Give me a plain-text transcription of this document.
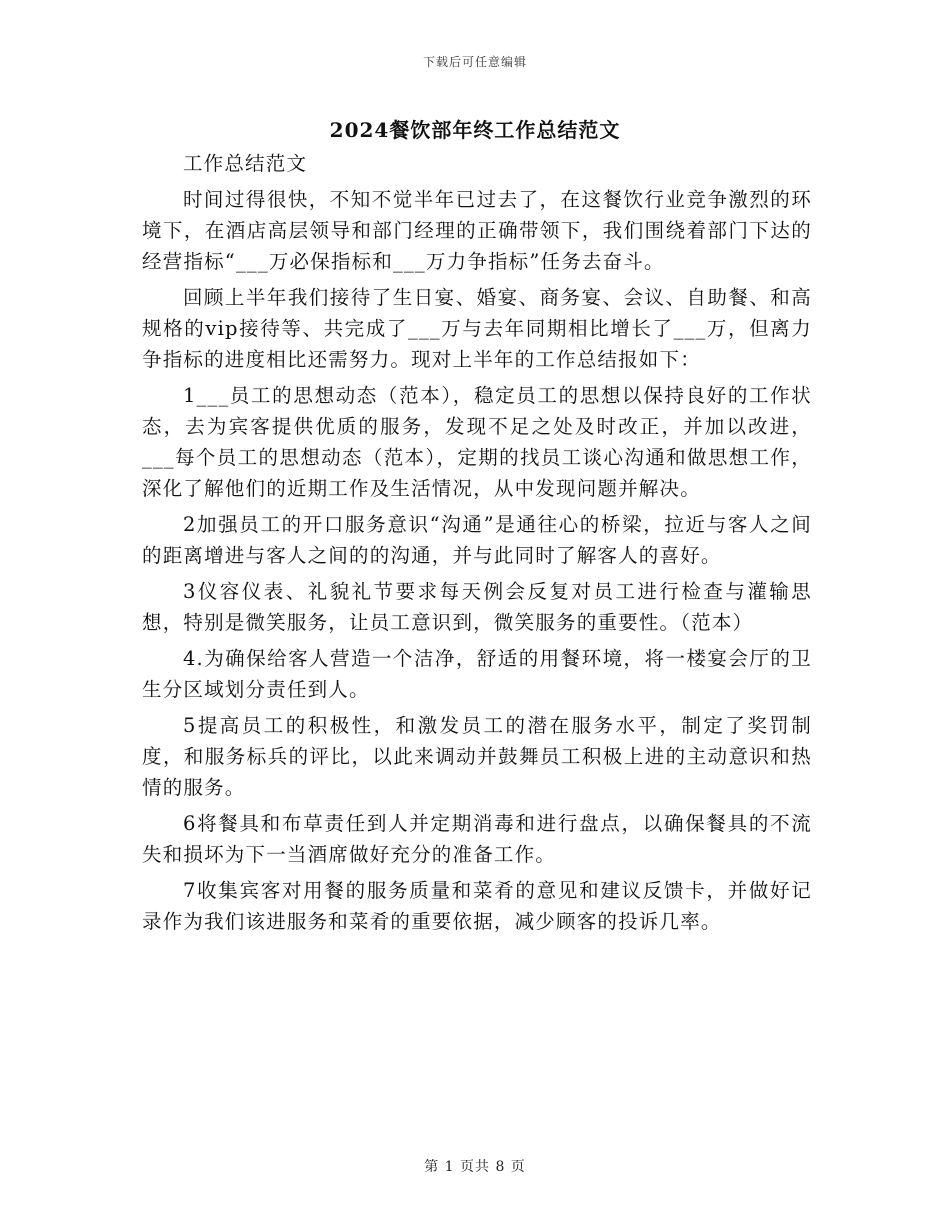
下载后可任意编辑
2024餐饮部年终工作总结范文

工作总结范文

时间过得很快，不知不觉半年已过去了，在这餐饮行业竞争激烈的环境下，在酒店高层领导和部门经理的正确带领下，我们围绕着部门下达的经营指标“___万必保指标和___万力争指标”任务去奋斗。

回顾上半年我们接待了生日宴、婚宴、商务宴、会议、自助餐、和高规格的vip接待等、共完成了___万与去年同期相比增长了___万，但离力争指标的进度相比还需努力。现对上半年的工作总结报如下：

1___员工的思想动态（范本），稳定员工的思想以保持良好的工作状态，去为宾客提供优质的服务，发现不足之处及时改正，并加以改进，___每个员工的思想动态（范本），定期的找员工谈心沟通和做思想工作，深化了解他们的近期工作及生活情况，从中发现问题并解决。

2加强员工的开口服务意识“沟通”是通往心的桥梁，拉近与客人之间的距离增进与客人之间的的沟通，并与此同时了解客人的喜好。

3仪容仪表、礼貌礼节要求每天例会反复对员工进行检查与灌输思想，特别是微笑服务，让员工意识到，微笑服务的重要性。（范本）

4.为确保给客人营造一个洁净，舒适的用餐环境，将一楼宴会厅的卫生分区域划分责任到人。

5提高员工的积极性，和激发员工的潜在服务水平，制定了奖罚制度，和服务标兵的评比，以此来调动并鼓舞员工积极上进的主动意识和热情的服务。

6将餐具和布草责任到人并定期消毒和进行盘点，以确保餐具的不流失和损坏为下一当酒席做好充分的准备工作。

7收集宾客对用餐的服务质量和菜肴的意见和建议反馈卡，并做好记录作为我们该进服务和菜肴的重要依据，减少顾客的投诉几率。

第 1 页共 8 页
